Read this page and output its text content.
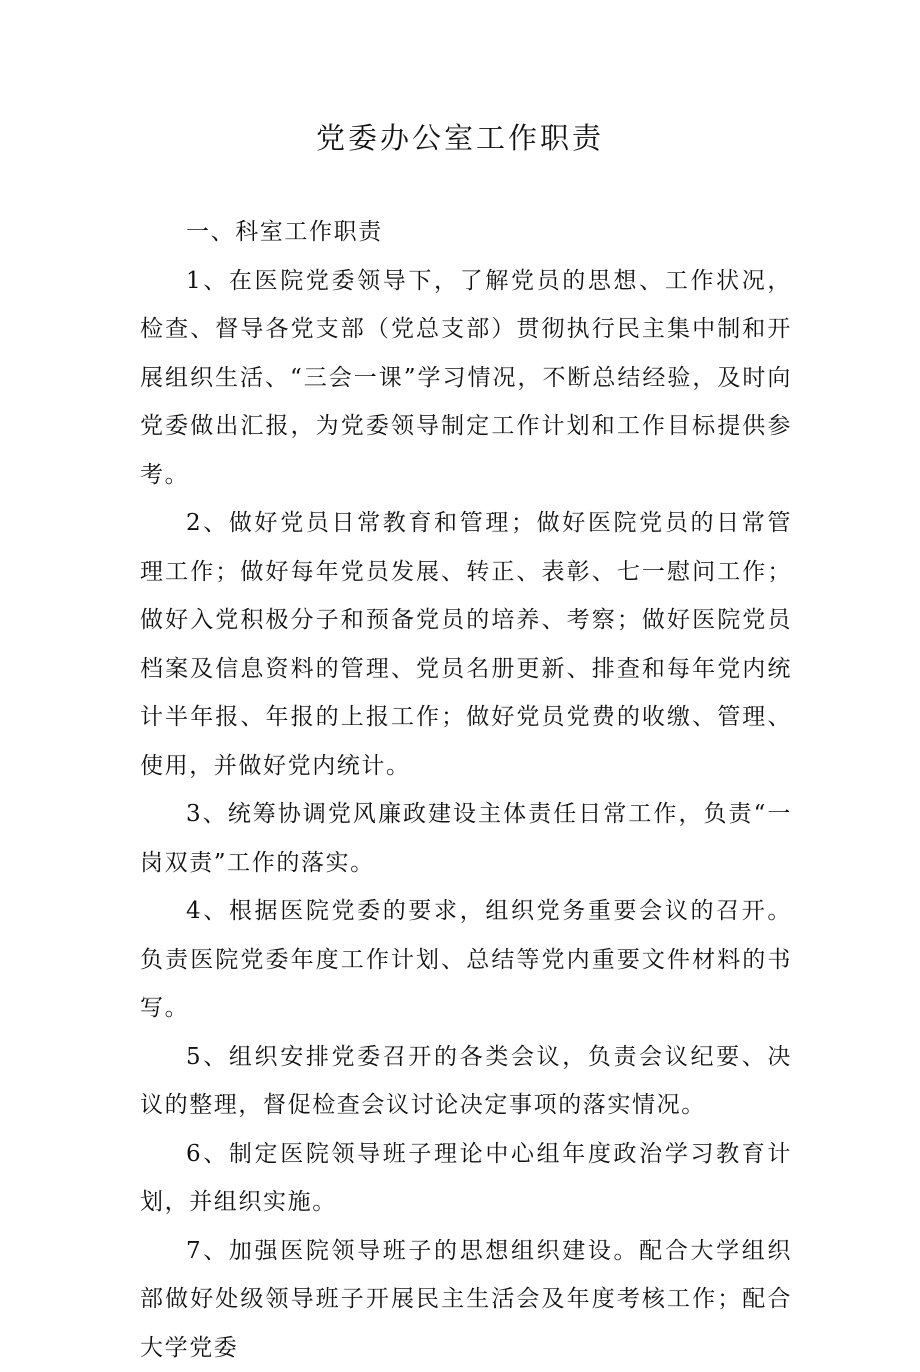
党委办公室工作职责

一、科室工作职责

1、在医院党委领导下，了解党员的思想、工作状况，检查、督导各党支部（党总支部）贯彻执行民主集中制和开展组织生活、“三会一课”学习情况，不断总结经验，及时向党委做出汇报，为党委领导制定工作计划和工作目标提供参考。

2、做好党员日常教育和管理；做好医院党员的日常管理工作；做好每年党员发展、转正、表彰、七一慰问工作；做好入党积极分子和预备党员的培养、考察；做好医院党员档案及信息资料的管理、党员名册更新、排查和每年党内统计半年报、年报的上报工作；做好党员党费的收缴、管理、使用，并做好党内统计。

3、统筹协调党风廉政建设主体责任日常工作，负责“一岗双责”工作的落实。

4、根据医院党委的要求，组织党务重要会议的召开。负责医院党委年度工作计划、总结等党内重要文件材料的书写。

5、组织安排党委召开的各类会议，负责会议纪要、决议的整理，督促检查会议讨论决定事项的落实情况。

6、制定医院领导班子理论中心组年度政治学习教育计划，并组织实施。

7、加强医院领导班子的思想组织建设。配合大学组织部做好处级领导班子开展民主生活会及年度考核工作；配合大学党委
